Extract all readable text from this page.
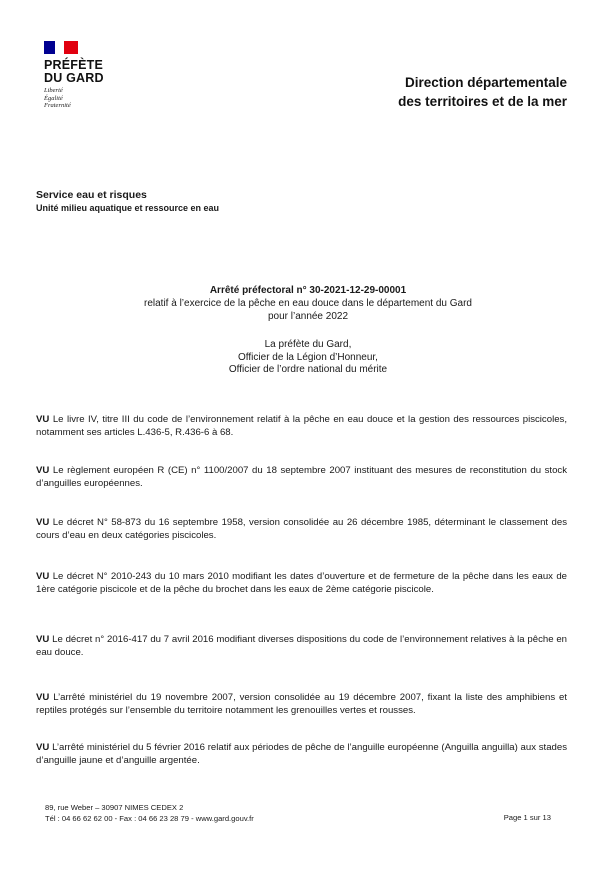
PRÉFÈTE
DU GARD
Liberté
Égalité
Fraternité
Direction départementale
des territoires et de la mer
Service eau et risques
Unité milieu aquatique et ressource en eau
Arrêté préfectoral n° 30-2021-12-29-00001
relatif à l’exercice de la pêche en eau douce dans le département du Gard
pour l’année 2022
La préfète du Gard,
Officier de la Légion d’Honneur,
Officier de l’ordre national du mérite
VU Le livre IV, titre III du code de l’environnement relatif à la pêche en eau douce et la gestion des ressources piscicoles, notamment ses articles L.436-5, R.436-6 à 68.
VU Le règlement européen R (CE) n° 1100/2007 du 18 septembre 2007 instituant des mesures de reconstitution du stock d’anguilles européennes.
VU Le décret N° 58-873 du 16 septembre 1958, version consolidée au 26 décembre 1985, déterminant le classement des cours d’eau en deux catégories piscicoles.
VU Le décret N° 2010-243 du 10 mars 2010 modifiant les dates d’ouverture et de fermeture de la pêche dans les eaux de 1ère catégorie piscicole et de la pêche du brochet dans les eaux de 2ème catégorie piscicole.
VU Le décret n° 2016-417 du 7 avril 2016 modifiant diverses dispositions du code de l’environnement relatives à la pêche en eau douce.
VU L’arrêté ministériel du 19 novembre 2007, version consolidée au 19 décembre 2007, fixant la liste des amphibiens et reptiles protégés sur l’ensemble du territoire notamment les grenouilles vertes et rousses.
VU L’arrêté ministériel du 5 février 2016 relatif aux périodes de pêche de l’anguille européenne (Anguilla anguilla) aux stades d’anguille jaune et d’anguille argentée.
89, rue Weber – 30907 NIMES CEDEX 2
Tél : 04 66 62 62 00 - Fax : 04 66 23 28 79 - www.gard.gouv.fr	Page 1 sur 13
